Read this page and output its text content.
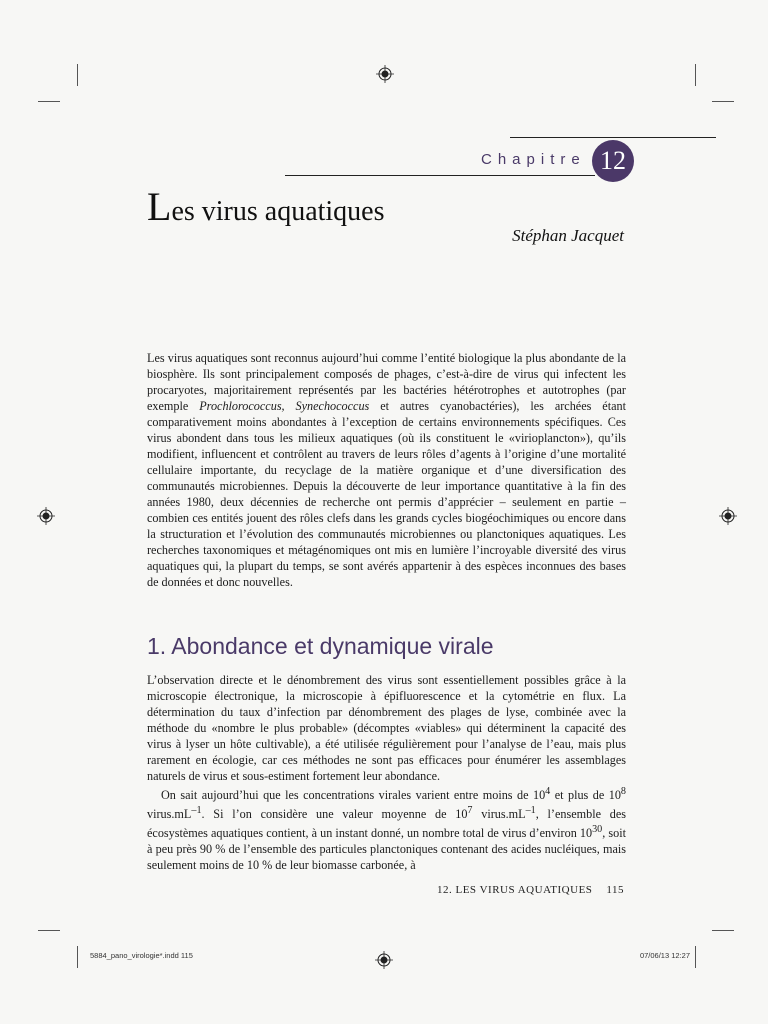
Chapitre 12
Les virus aquatiques
Stéphan Jacquet

Les virus aquatiques sont reconnus aujourd’hui comme l’entité biologique la plus abondante de la biosphère. Ils sont principalement composés de phages, c’est-à-dire de virus qui infectent les procaryotes, majoritairement représentés par les bactéries hétérotrophes et autotrophes (par exemple Prochlorococcus, Synechococcus et autres cyanobactéries), les archées étant comparativement moins abondantes à l’exception de certains environnements spécifiques. Ces virus abondent dans tous les milieux aquatiques (où ils constituent le «virioplancton»), qu’ils modifient, influencent et contrôlent au travers de leurs rôles d’agents à l’origine d’une mortalité cellulaire importante, du recyclage de la matière organique et d’une diversification des communautés microbiennes. Depuis la découverte de leur importance quantitative à la fin des années 1980, deux décennies de recherche ont permis d’apprécier – seulement en partie – combien ces entités jouent des rôles clefs dans les grands cycles biogéochimiques ou encore dans la structuration et l’évolution des communautés microbiennes ou planctoniques aquatiques. Les recherches taxonomiques et métagénomiques ont mis en lumière l’incroyable diversité des virus aquatiques qui, la plupart du temps, se sont avérés appartenir à des espèces inconnues des bases de données et donc nouvelles.

1. Abondance et dynamique virale

L’observation directe et le dénombrement des virus sont essentiellement possibles grâce à la microscopie électronique, la microscopie à épifluorescence et la cytométrie en flux. La détermination du taux d’infection par dénombrement des plages de lyse, combinée avec la méthode du «nombre le plus probable» (décomptes «viables» qui déterminent la capacité des virus à lyser un hôte cultivable), a été utilisée régulièrement pour l’analyse de l’eau, mais plus rarement en écologie, car ces méthodes ne sont pas efficaces pour énumérer les assemblages naturels de virus et sous-estiment fortement leur abondance.

On sait aujourd’hui que les concentrations virales varient entre moins de $10^4$ et plus de $10^8$ $virus.mL^{-1}$. Si l’on considère une valeur moyenne de $10^7$ $virus.mL^{-1}$, l’ensemble des écosystèmes aquatiques contient, à un instant donné, un nombre total de virus d’environ $10^{30}$, soit à peu près 90 % de l’ensemble des particules planctoniques contenant des acides nucléiques, mais seulement moins de 10 % de leur biomasse carbonée, à

12. LES VIRUS AQUATIQUES 115
5884_pano_virologie*.indd 115	07/06/13 12:27
